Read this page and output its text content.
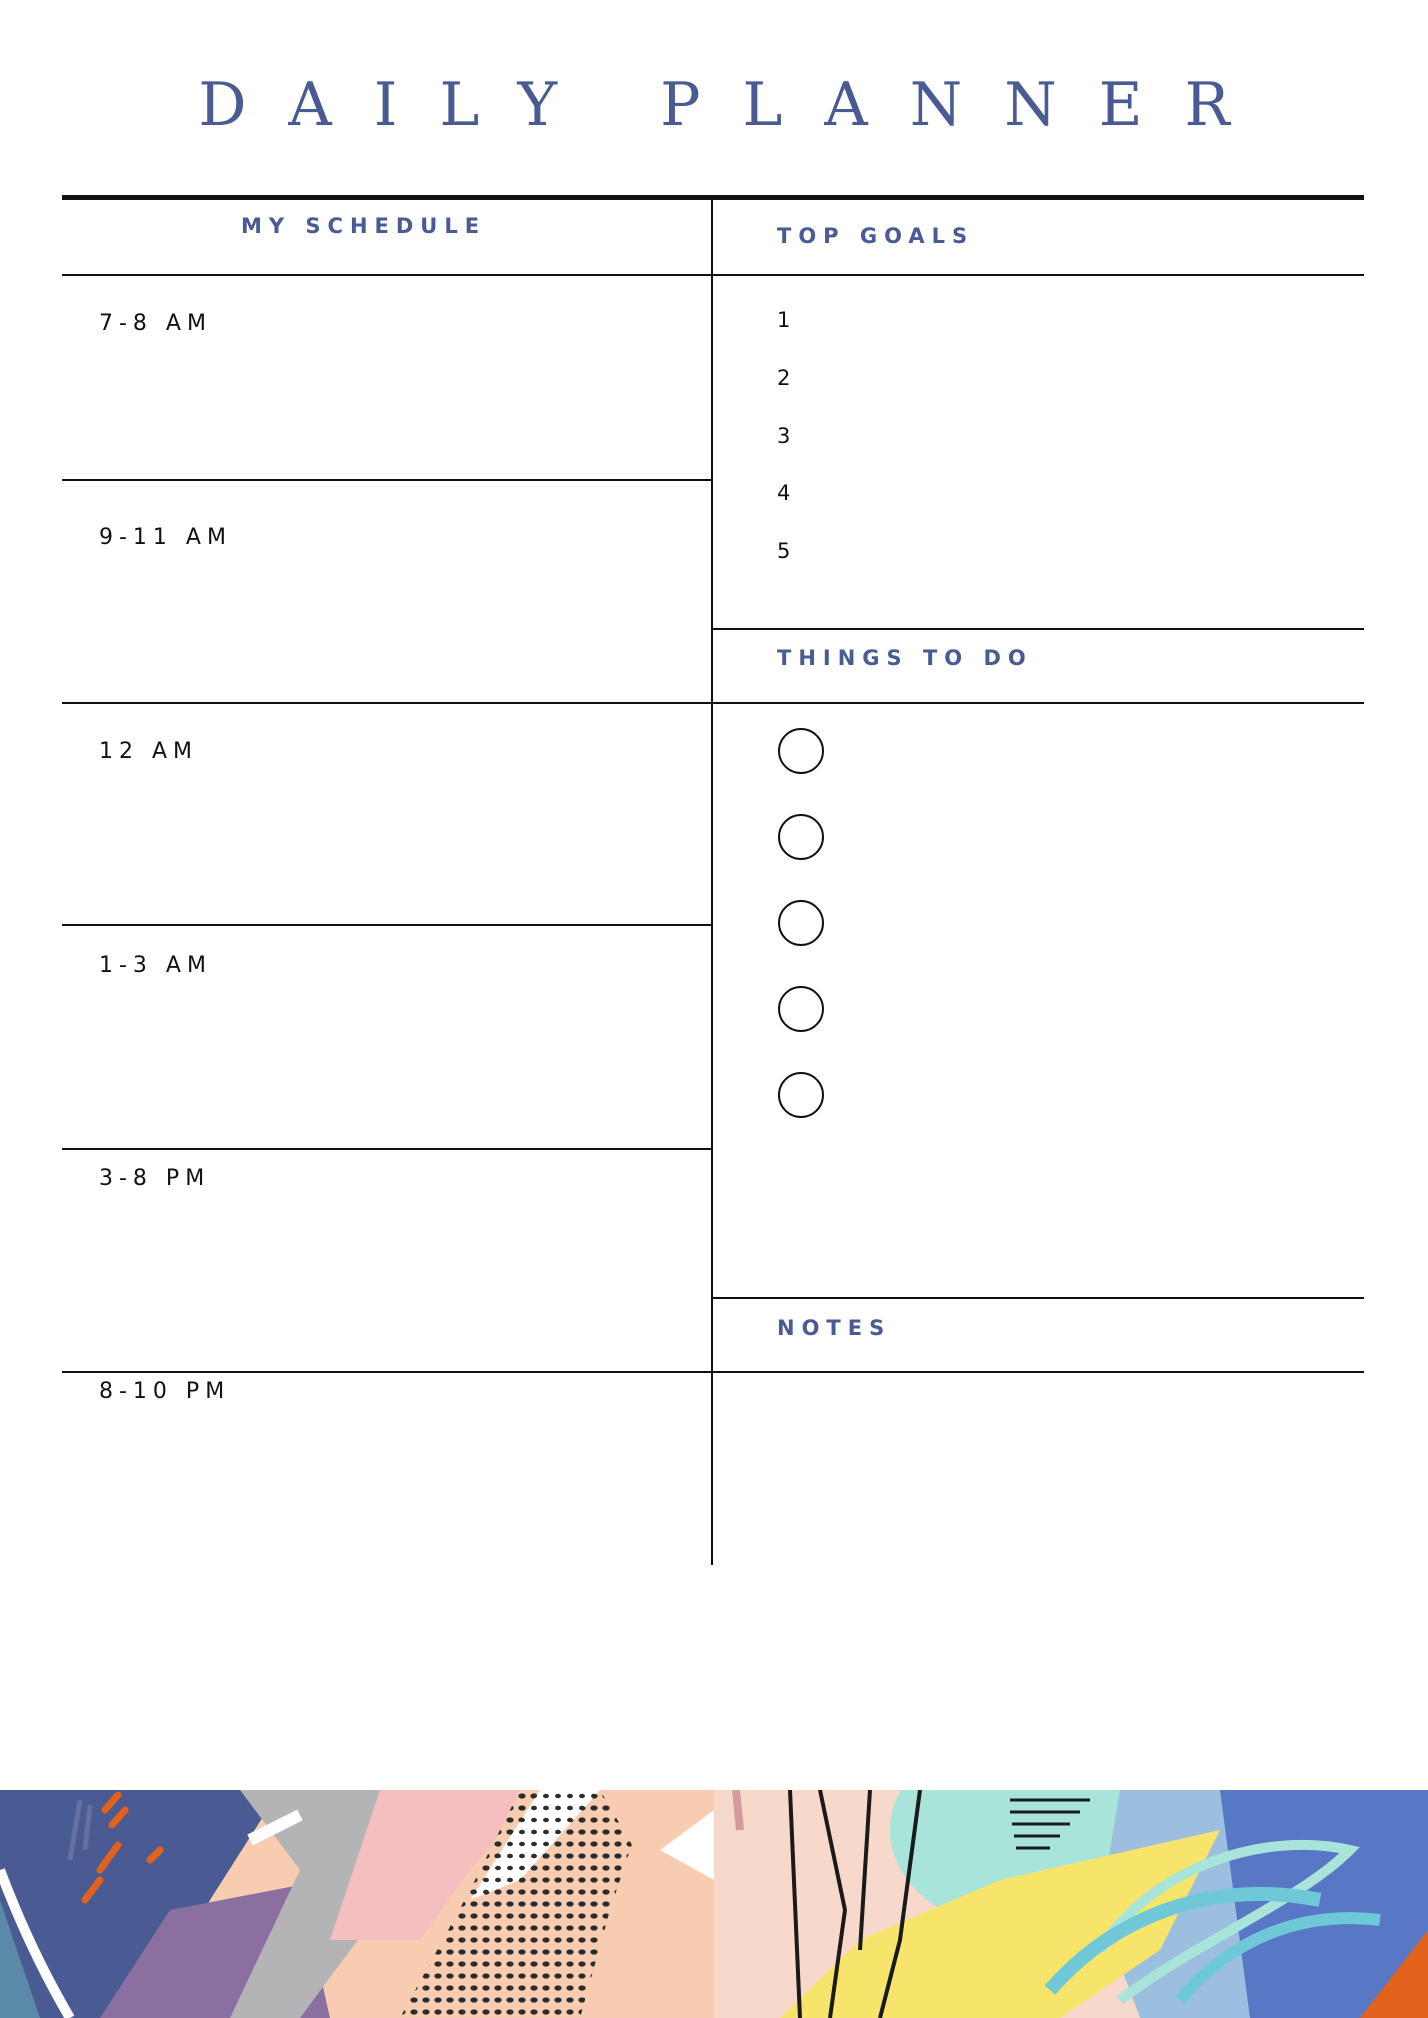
DAILY PLANNER
MY SCHEDULE	TOP GOALS
THINGS TO DO
NOTES
7-8 AM
9-11 AM
12 AM
1-3 AM
3-8 PM
8-10 PM
1
2
3
4
5
